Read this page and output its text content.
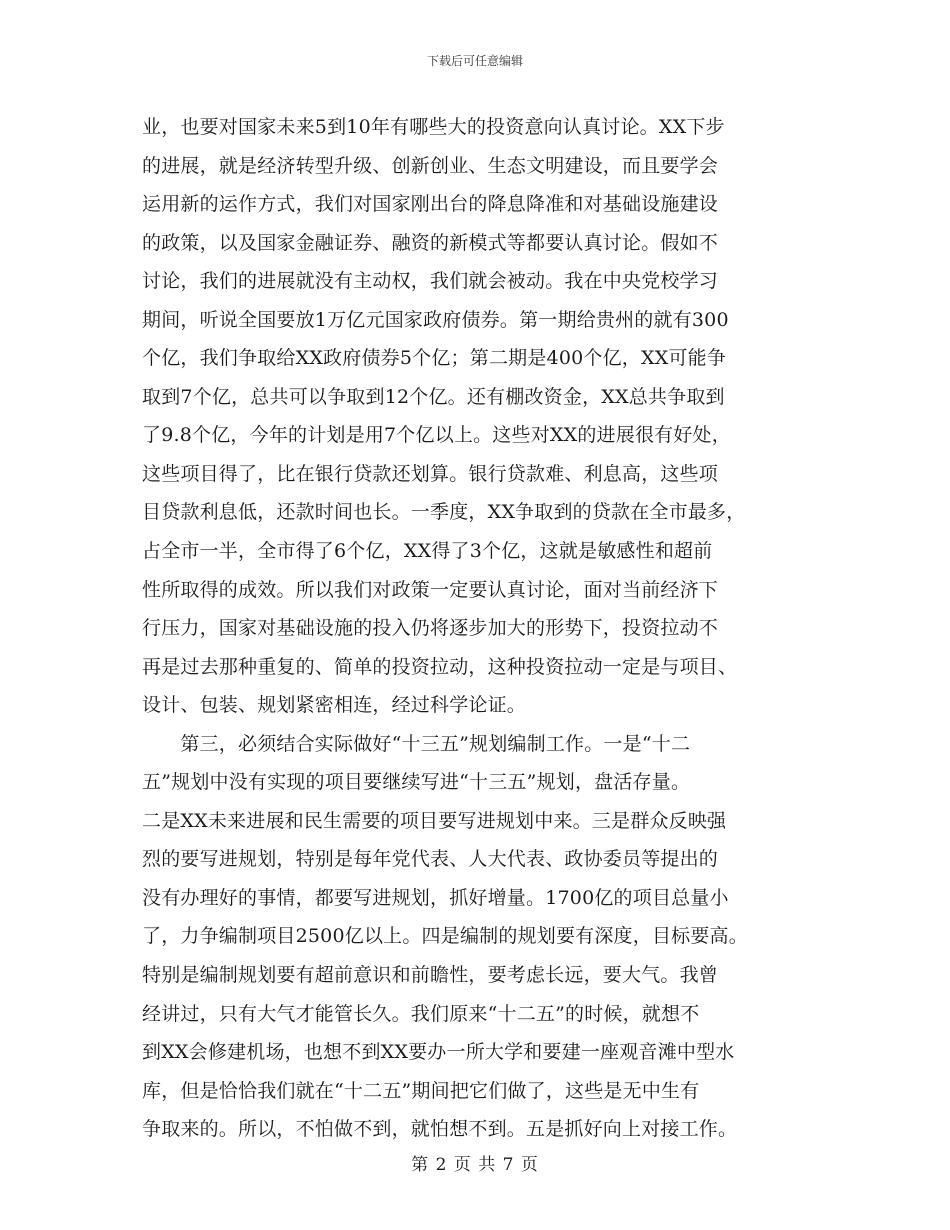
下载后可任意编辑
业，也要对国家未来5到10年有哪些大的投资意向认真讨论。XX下步
的进展，就是经济转型升级、创新创业、生态文明建设，而且要学会
运用新的运作方式，我们对国家刚出台的降息降准和对基础设施建设
的政策，以及国家金融证券、融资的新模式等都要认真讨论。假如不
讨论，我们的进展就没有主动权，我们就会被动。我在中央党校学习
期间，听说全国要放1万亿元国家政府债券。第一期给贵州的就有300
个亿，我们争取给XX政府债券5个亿；第二期是400个亿，XX可能争
取到7个亿，总共可以争取到12个亿。还有棚改资金，XX总共争取到
了9.8个亿，今年的计划是用7个亿以上。这些对XX的进展很有好处，
这些项目得了，比在银行贷款还划算。银行贷款难、利息高，这些项
目贷款利息低，还款时间也长。一季度，XX争取到的贷款在全市最多，
占全市一半，全市得了6个亿，XX得了3个亿，这就是敏感性和超前
性所取得的成效。所以我们对政策一定要认真讨论，面对当前经济下
行压力，国家对基础设施的投入仍将逐步加大的形势下，投资拉动不
再是过去那种重复的、简单的投资拉动，这种投资拉动一定是与项目、
设计、包装、规划紧密相连，经过科学论证。
　　第三，必须结合实际做好“十三五”规划编制工作。一是“十二
五”规划中没有实现的项目要继续写进“十三五”规划，盘活存量。
二是XX未来进展和民生需要的项目要写进规划中来。三是群众反映强
烈的要写进规划，特别是每年党代表、人大代表、政协委员等提出的
没有办理好的事情，都要写进规划，抓好增量。1700亿的项目总量小
了，力争编制项目2500亿以上。四是编制的规划要有深度，目标要高。
特别是编制规划要有超前意识和前瞻性，要考虑长远，要大气。我曾
经讲过，只有大气才能管长久。我们原来“十二五”的时候，就想不
到XX会修建机场，也想不到XX要办一所大学和要建一座观音滩中型水
库，但是恰恰我们就在“十二五”期间把它们做了，这些是无中生有
争取来的。所以，不怕做不到，就怕想不到。五是抓好向上对接工作。
第 2 页 共 7 页
